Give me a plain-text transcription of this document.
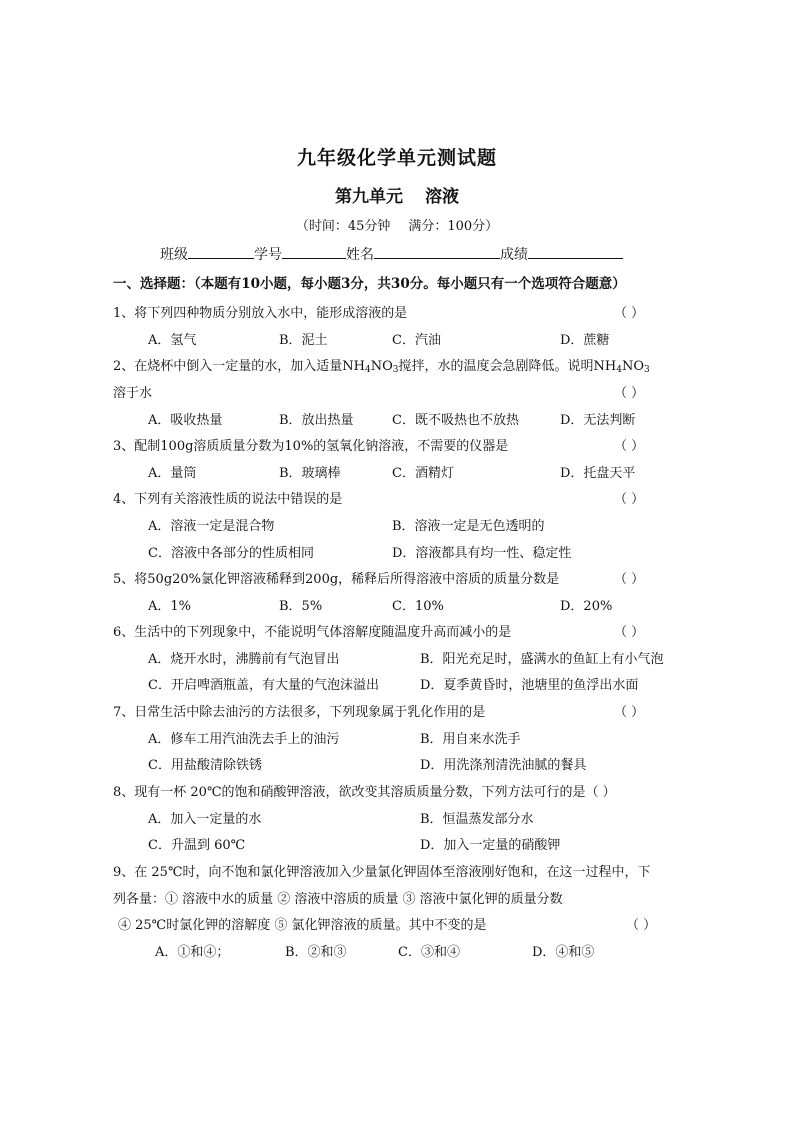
九年级化学单元测试题
第九单元 溶液
（时间：45分钟 满分：100分）
班级	学号	姓名	成绩
一、选择题：（本题有10小题，每小题3分，共30分。每小题只有一个选项符合题意）
1、将下列四种物质分别放入水中，能形成溶液的是	（ ）
A．氢气	B．泥土	C．汽油	D．蔗糖
2、在烧杯中倒入一定量的水，加入适量$NH_4NO_3$搅拌，水的温度会急剧降低。说明$NH_4NO_3$
溶于水	（ ）
A．吸收热量	B．放出热量	C．既不吸热也不放热	D．无法判断
3、配制100g溶质质量分数为10%的氢氧化钠溶液，不需要的仪器是	（ ）
A．量筒	B．玻璃棒	C．酒精灯	D．托盘天平
4、下列有关溶液性质的说法中错误的是	（ ）
A．溶液一定是混合物	B．溶液一定是无色透明的
C．溶液中各部分的性质相同	D．溶液都具有均一性、稳定性
5、将50g20%氯化钾溶液稀释到200g，稀释后所得溶液中溶质的质量分数是	（ ）
A．1%	B．5%	C．10%	D．20%
6、生活中的下列现象中，不能说明气体溶解度随温度升高而减小的是	（ ）
A．烧开水时，沸腾前有气泡冒出	B．阳光充足时，盛满水的鱼缸上有小气泡
C．开启啤酒瓶盖，有大量的气泡沫溢出	D．夏季黄昏时，池塘里的鱼浮出水面
7、日常生活中除去油污的方法很多，下列现象属于乳化作用的是	（ ）
A．修车工用汽油洗去手上的油污	B．用自来水洗手
C．用盐酸清除铁锈	D．用洗涤剂清洗油腻的餐具
8、现有一杯 20℃的饱和硝酸钾溶液，欲改变其溶质质量分数，下列方法可行的是（ ）
A．加入一定量的水	B．恒温蒸发部分水
C．升温到 60℃	D．加入一定量的硝酸钾
9、在 25℃时，向不饱和氯化钾溶液加入少量氯化钾固体至溶液刚好饱和，在这一过程中，下
列各量：① 溶液中水的质量 ② 溶液中溶质的质量 ③ 溶液中氯化钾的质量分数
④ 25℃时氯化钾的溶解度 ⑤ 氯化钾溶液的质量。其中不变的是	（ ）
A．①和④；	B．②和③	C．③和④	D．④和⑤
